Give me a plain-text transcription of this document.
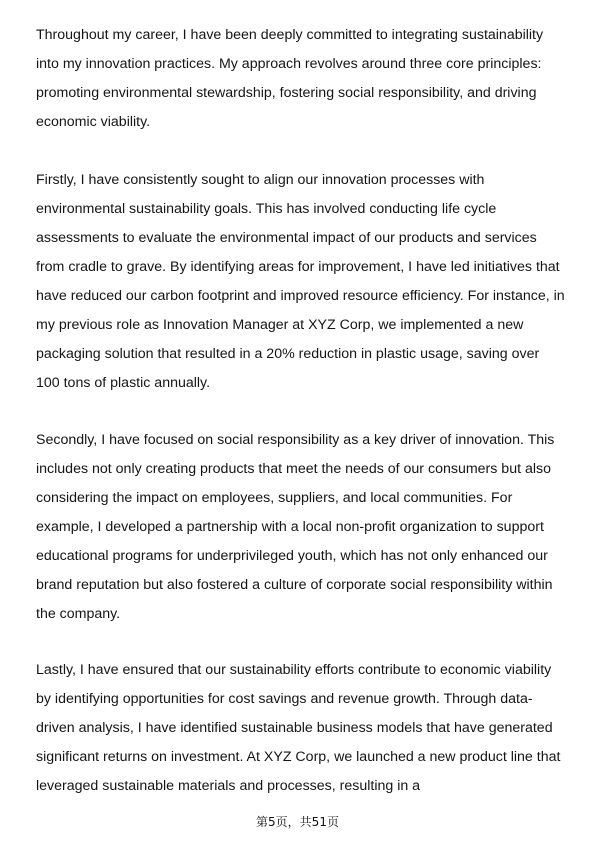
Throughout my career, I have been deeply committed to integrating sustainability into my innovation practices. My approach revolves around three core principles: promoting environmental stewardship, fostering social responsibility, and driving economic viability.

Firstly, I have consistently sought to align our innovation processes with environmental sustainability goals. This has involved conducting life cycle assessments to evaluate the environmental impact of our products and services from cradle to grave. By identifying areas for improvement, I have led initiatives that have reduced our carbon footprint and improved resource efficiency. For instance, in my previous role as Innovation Manager at XYZ Corp, we implemented a new packaging solution that resulted in a 20% reduction in plastic usage, saving over 100 tons of plastic annually.

Secondly, I have focused on social responsibility as a key driver of innovation. This includes not only creating products that meet the needs of our consumers but also considering the impact on employees, suppliers, and local communities. For example, I developed a partnership with a local non-profit organization to support educational programs for underprivileged youth, which has not only enhanced our brand reputation but also fostered a culture of corporate social responsibility within the company.

Lastly, I have ensured that our sustainability efforts contribute to economic viability by identifying opportunities for cost savings and revenue growth. Through data-driven analysis, I have identified sustainable business models that have generated significant returns on investment. At XYZ Corp, we launched a new product line that leveraged sustainable materials and processes, resulting in a

第5页，共51页
